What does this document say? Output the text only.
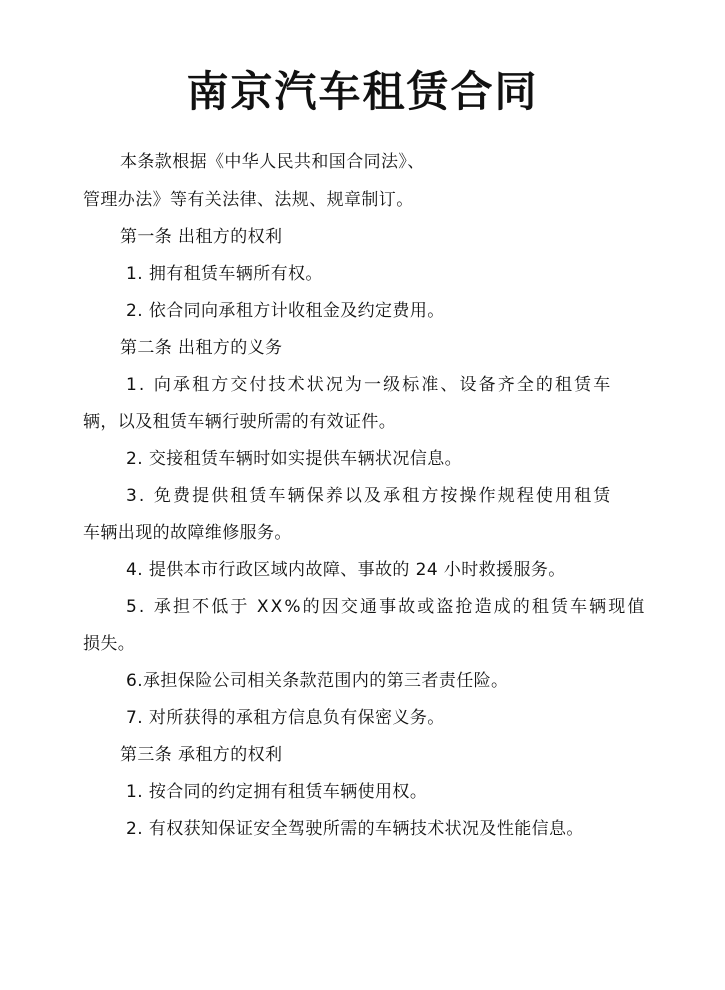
南京汽车租赁合同
本条款根据《中华人民共和国合同法》、
管理办法》等有关法律、法规、规章制订。
第一条 出租方的权利
1. 拥有租赁车辆所有权。
2. 依合同向承租方计收租金及约定费用。
第二条 出租方的义务
1. 向承租方交付技术状况为一级标准、设备齐全的租赁车
辆，以及租赁车辆行驶所需的有效证件。
2. 交接租赁车辆时如实提供车辆状况信息。
3. 免费提供租赁车辆保养以及承租方按操作规程使用租赁
车辆出现的故障维修服务。
4. 提供本市行政区域内故障、事故的 24 小时救援服务。
5. 承担不低于 XX%的因交通事故或盗抢造成的租赁车辆现值
损失。
6.承担保险公司相关条款范围内的第三者责任险。
7. 对所获得的承租方信息负有保密义务。
第三条 承租方的权利
1. 按合同的约定拥有租赁车辆使用权。
2. 有权获知保证安全驾驶所需的车辆技术状况及性能信息。
